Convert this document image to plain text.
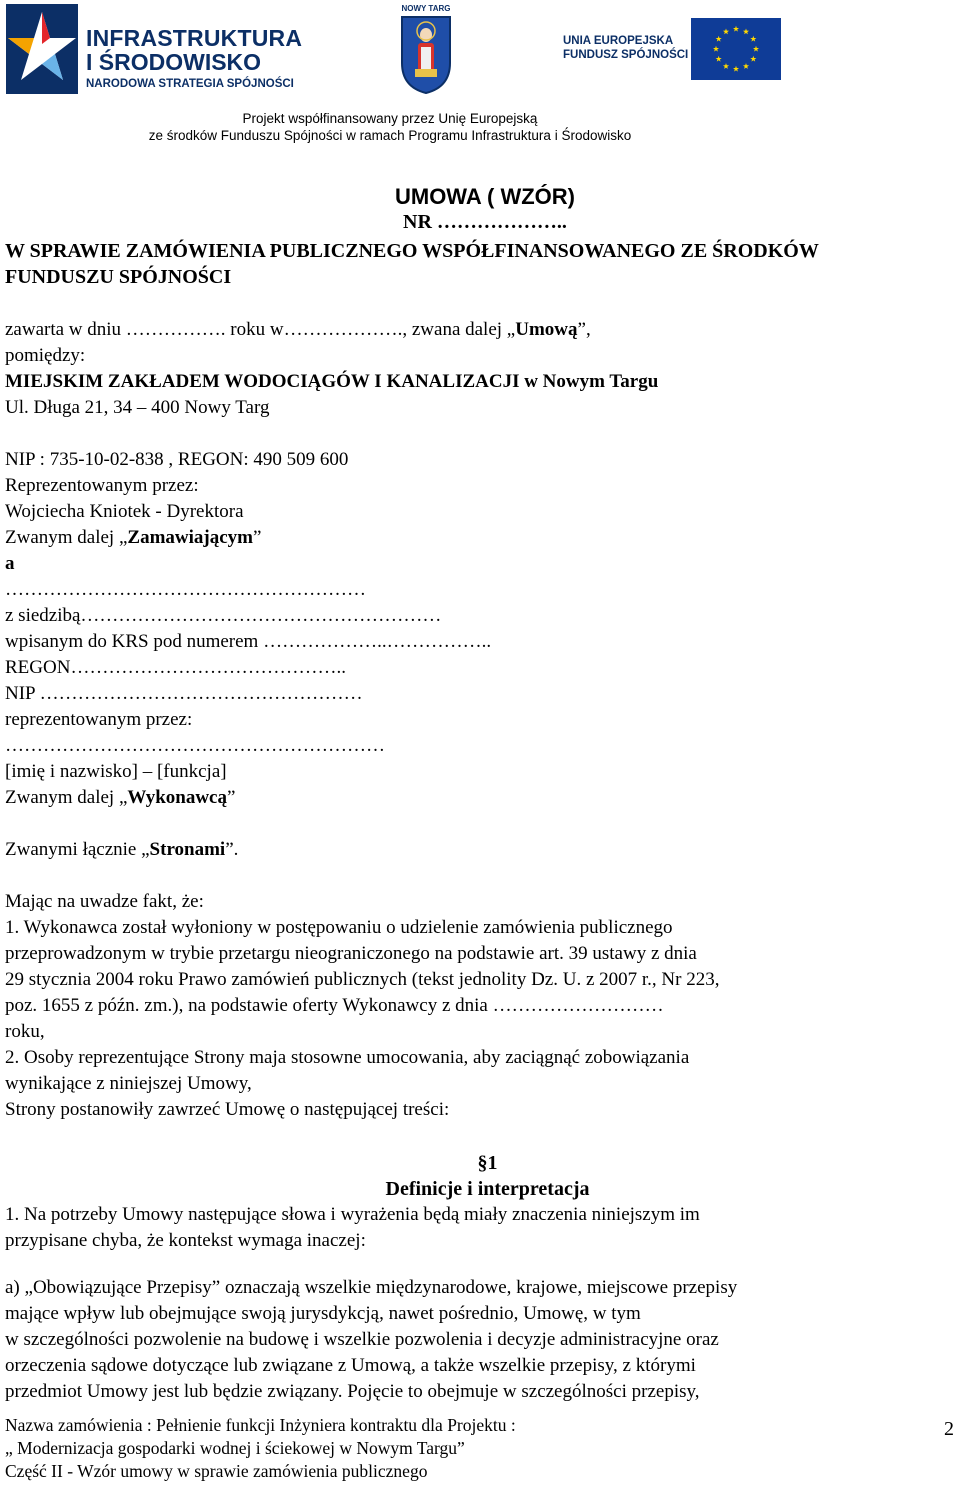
INFRASTRUKTURA
I ŚRODOWISKO
NARODOWA STRATEGIA SPÓJNOŚCI
NOWY TARG
UNIA EUROPEJSKA
FUNDUSZ SPÓJNOŚCI
Projekt współfinansowany przez Unię Europejską
ze środków Funduszu Spójności w ramach Programu Infrastruktura i Środowisko
UMOWA ( WZÓR)
NR ………………..
W SPRAWIE ZAMÓWIENIA PUBLICZNEGO WSPÓŁFINANSOWANEGO ZE ŚRODKÓW
FUNDUSZU SPÓJNOŚCI
zawarta w dniu ……………. roku w………………., zwana dalej „Umową”,
pomiędzy:
MIEJSKIM ZAKŁADEM WODOCIĄGÓW I KANALIZACJI w Nowym Targu
Ul. Długa 21, 34 – 400 Nowy Targ
NIP : 735-10-02-838 , REGON: 490 509 600
Reprezentowanym przez:
Wojciecha Kniotek - Dyrektora
Zwanym dalej „Zamawiającym”
a
…………………………………………………
z siedzibą…………………………………………………
wpisanym do KRS pod numerem ………………..……………..
REGON……………………………………..
NIP ……………………………………………
reprezentowanym przez:
……………………………………………………
[imię i nazwisko] – [funkcja]
Zwanym dalej „Wykonawcą”
Zwanymi łącznie „Stronami”.
Mając na uwadze fakt, że:
1. Wykonawca został wyłoniony w postępowaniu o udzielenie zamówienia publicznego
przeprowadzonym w trybie przetargu nieograniczonego na podstawie art. 39 ustawy z dnia
29 stycznia 2004 roku Prawo zamówień publicznych (tekst jednolity Dz. U. z 2007 r., Nr 223,
poz. 1655 z późn. zm.), na podstawie oferty Wykonawcy z dnia ………………………
roku,
2. Osoby reprezentujące Strony maja stosowne umocowania, aby zaciągnąć zobowiązania
wynikające z niniejszej Umowy,
Strony postanowiły zawrzeć Umowę o następującej treści:
§1
Definicje i interpretacja
1. Na potrzeby Umowy następujące słowa i wyrażenia będą miały znaczenia niniejszym im
przypisane chyba, że kontekst wymaga inaczej:
a) „Obowiązujące Przepisy” oznaczają wszelkie międzynarodowe, krajowe, miejscowe przepisy
mające wpływ lub obejmujące swoją jurysdykcją, nawet pośrednio, Umowę, w tym
w szczególności pozwolenie na budowę i wszelkie pozwolenia i decyzje administracyjne oraz
orzeczenia sądowe dotyczące lub związane z Umową, a także wszelkie przepisy, z którymi
przedmiot Umowy jest lub będzie związany. Pojęcie to obejmuje w szczególności przepisy,
Nazwa zamówienia : Pełnienie funkcji Inżyniera kontraktu dla Projektu :
„ Modernizacja gospodarki wodnej i ściekowej w Nowym Targu”
Część II - Wzór umowy w sprawie zamówienia publicznego
2
